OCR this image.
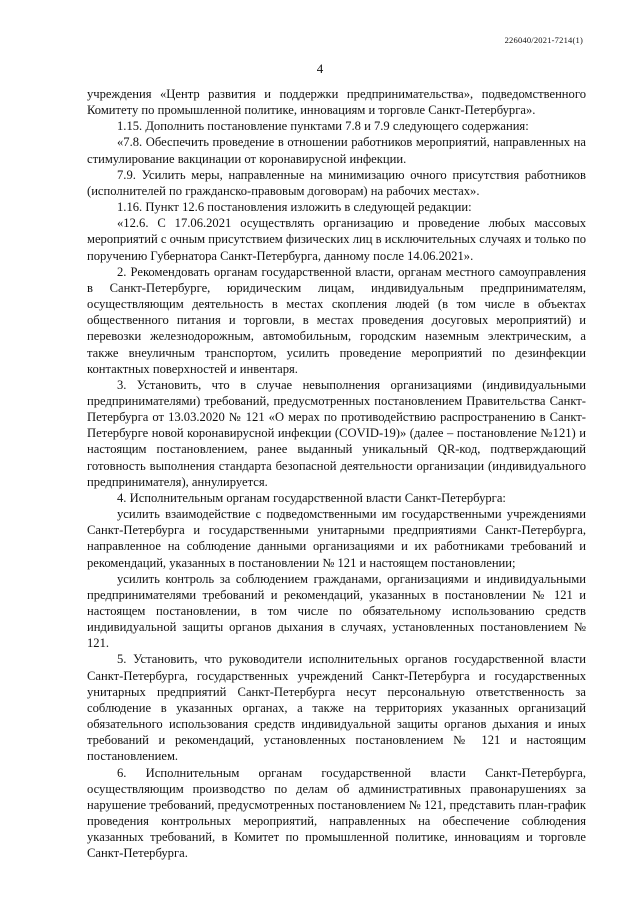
226040/2021-7214(1)
4

учреждения «Центр развития и поддержки предпринимательства», подведомственного Комитету по промышленной политике, инновациям и торговле Санкт-Петербурга».

1.15. Дополнить постановление пунктами 7.8 и 7.9 следующего содержания:

«7.8. Обеспечить проведение в отношении работников мероприятий, направленных на стимулирование вакцинации от коронавирусной инфекции.

7.9. Усилить меры, направленные на минимизацию очного присутствия работников (исполнителей по гражданско-правовым договорам) на рабочих местах».

1.16. Пункт 12.6 постановления изложить в следующей редакции:

«12.6. С 17.06.2021 осуществлять организацию и проведение любых массовых мероприятий с очным присутствием физических лиц в исключительных случаях и только по поручению Губернатора Санкт-Петербурга, данному после 14.06.2021».

2. Рекомендовать органам государственной власти, органам местного самоуправления в Санкт-Петербурге, юридическим лицам, индивидуальным предпринимателям, осуществляющим деятельность в местах скопления людей (в том числе в объектах общественного питания и торговли, в местах проведения досуговых мероприятий) и перевозки железнодорожным, автомобильным, городским наземным электрическим, а также внеуличным транспортом, усилить проведение мероприятий по дезинфекции контактных поверхностей и инвентаря.

3. Установить, что в случае невыполнения организациями (индивидуальными предпринимателями) требований, предусмотренных постановлением Правительства Санкт-Петербурга от 13.03.2020 № 121 «О мерах по противодействию распространению в Санкт-Петербурге новой коронавирусной инфекции (COVID-19)» (далее – постановление №121) и настоящим постановлением, ранее выданный уникальный QR-код, подтверждающий готовность выполнения стандарта безопасной деятельности организации (индивидуального предпринимателя), аннулируется.

4. Исполнительным органам государственной власти Санкт-Петербурга:

усилить взаимодействие с подведомственными им государственными учреждениями Санкт-Петербурга и государственными унитарными предприятиями Санкт-Петербурга, направленное на соблюдение данными организациями и их работниками требований и рекомендаций, указанных в постановлении № 121 и настоящем постановлении;

усилить контроль за соблюдением гражданами, организациями и индивидуальными предпринимателями требований и рекомендаций, указанных в постановлении № 121 и настоящем постановлении, в том числе по обязательному использованию средств индивидуальной защиты органов дыхания в случаях, установленных постановлением № 121.

5. Установить, что руководители исполнительных органов государственной власти Санкт-Петербурга, государственных учреждений Санкт-Петербурга и государственных унитарных предприятий Санкт-Петербурга несут персональную ответственность за соблюдение в указанных органах, а также на территориях указанных организаций обязательного использования средств индивидуальной защиты органов дыхания и иных требований и рекомендаций, установленных постановлением № 121 и настоящим постановлением.

6. Исполнительным органам государственной власти Санкт-Петербурга, осуществляющим производство по делам об административных правонарушениях за нарушение требований, предусмотренных постановлением № 121, представить план-график проведения контрольных мероприятий, направленных на обеспечение соблюдения указанных требований, в Комитет по промышленной политике, инновациям и торговле Санкт-Петербурга.
